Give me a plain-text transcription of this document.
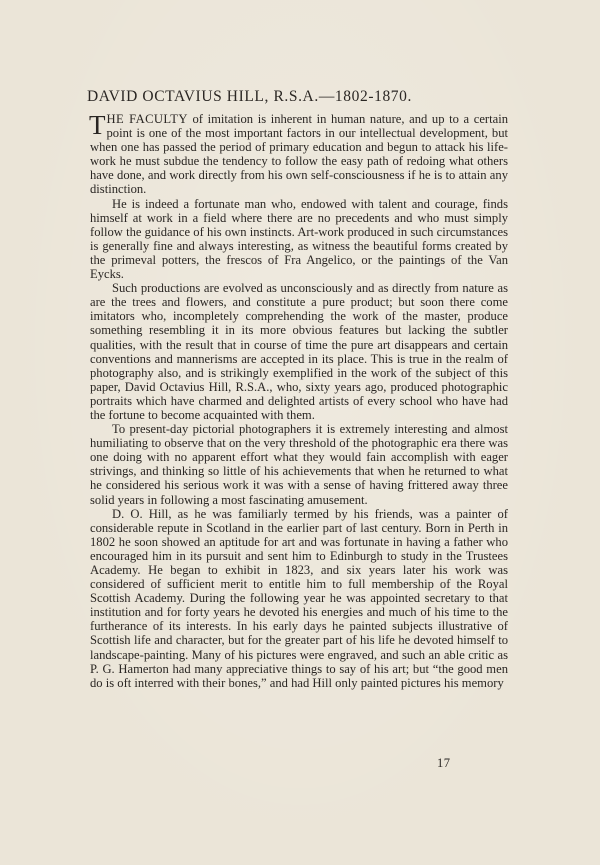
DAVID OCTAVIUS HILL, R.S.A.—1802-1870.

THE FACULTY of imitation is inherent in human nature, and up to a certain point is one of the most important factors in our intellectual development, but when one has passed the period of primary education and begun to attack his life-work he must subdue the tendency to follow the easy path of redoing what others have done, and work directly from his own self-consciousness if he is to attain any distinction.

He is indeed a fortunate man who, endowed with talent and courage, finds himself at work in a field where there are no precedents and who must simply follow the guidance of his own instincts. Art-work produced in such circumstances is generally fine and always interesting, as witness the beautiful forms created by the primeval potters, the frescos of Fra Angelico, or the paintings of the Van Eycks.

Such productions are evolved as unconsciously and as directly from nature as are the trees and flowers, and constitute a pure product; but soon there come imitators who, incompletely comprehending the work of the master, produce something resembling it in its more obvious features but lacking the subtler qualities, with the result that in course of time the pure art disappears and certain conventions and mannerisms are accepted in its place. This is true in the realm of photography also, and is strikingly exemplified in the work of the subject of this paper, David Octavius Hill, R.S.A., who, sixty years ago, produced photographic portraits which have charmed and delighted artists of every school who have had the fortune to become acquainted with them.

To present-day pictorial photographers it is extremely interesting and almost humiliating to observe that on the very threshold of the photographic era there was one doing with no apparent effort what they would fain accomplish with eager strivings, and thinking so little of his achievements that when he returned to what he considered his serious work it was with a sense of having frittered away three solid years in following a most fascinating amusement.

D. O. Hill, as he was familiarly termed by his friends, was a painter of considerable repute in Scotland in the earlier part of last century. Born in Perth in 1802 he soon showed an aptitude for art and was fortunate in having a father who encouraged him in its pursuit and sent him to Edinburgh to study in the Trustees Academy. He began to exhibit in 1823, and six years later his work was considered of sufficient merit to entitle him to full membership of the Royal Scottish Academy. During the following year he was appointed secretary to that institution and for forty years he devoted his energies and much of his time to the furtherance of its interests. In his early days he painted subjects illustrative of Scottish life and character, but for the greater part of his life he devoted himself to landscape-painting. Many of his pictures were engraved, and such an able critic as P. G. Hamerton had many appreciative things to say of his art; but “the good men do is oft interred with their bones,” and had Hill only painted pictures his memory

17
